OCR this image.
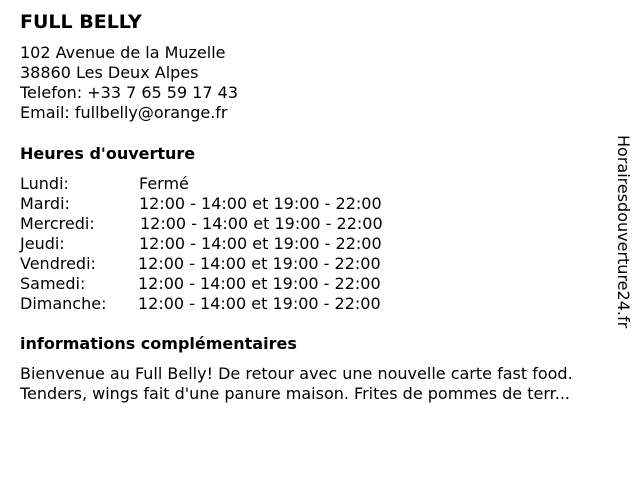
FULL BELLY
102 Avenue de la Muzelle
38860 Les Deux Alpes
Telefon: +33 7 65 59 17 43
Email: fullbelly@orange.fr
Heures d'ouverture
Lundi:	Fermé
Mardi:	12:00 - 14:00 et 19:00 - 22:00
Mercredi:	12:00 - 14:00 et 19:00 - 22:00
Jeudi:	12:00 - 14:00 et 19:00 - 22:00
Vendredi:	12:00 - 14:00 et 19:00 - 22:00
Samedi:	12:00 - 14:00 et 19:00 - 22:00
Dimanche: 12:00 - 14:00 et 19:00 - 22:00
informations complémentaires
Bienvenue au Full Belly! De retour avec une nouvelle carte fast food.
Tenders, wings fait d'une panure maison. Frites de pommes de terr...
Horairesdouverture24.fr
